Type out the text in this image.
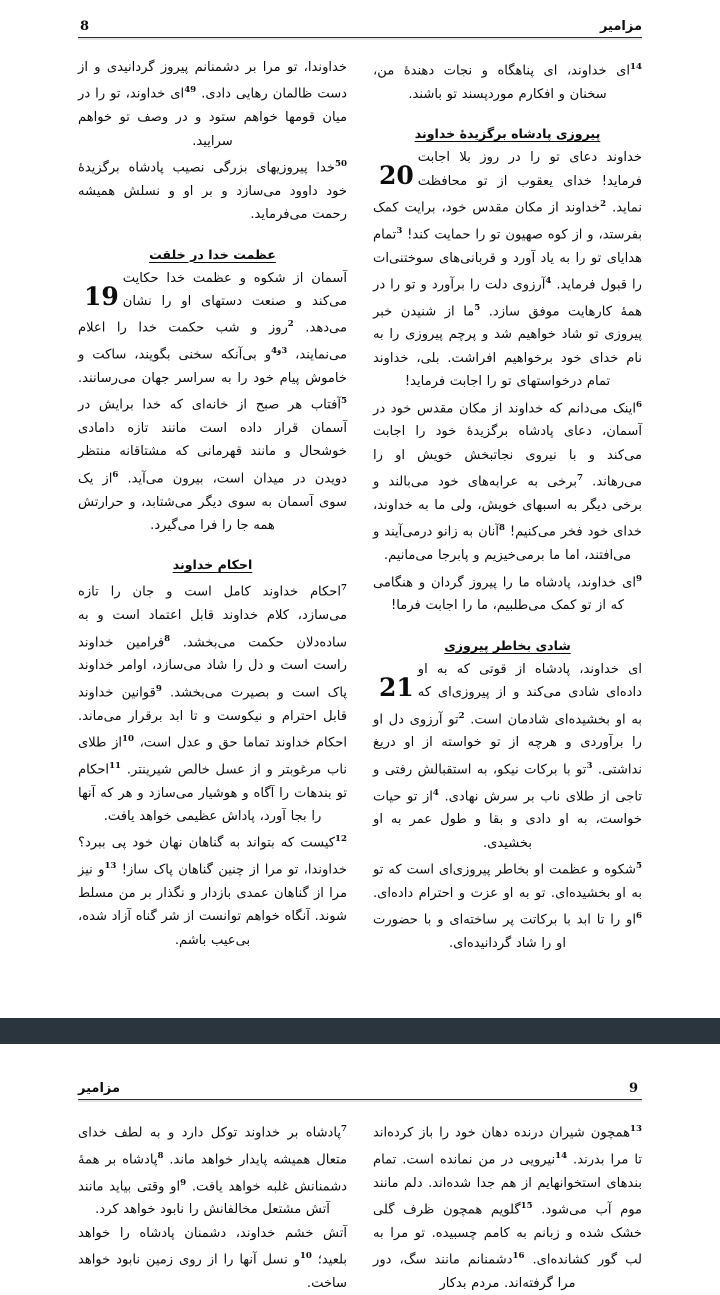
مزامیر
8

خداوندا، تو مرا بر دشمنانم پیروز گردانیدی و از دست ظالمان رهایی دادی. $^{49}$ای خداوند، تو را در میان قومها خواهم ستود و در وصف تو خواهم سرایید.

$^{50}$خدا پیروزیهای بزرگی نصیب پادشاه برگزیدهٔ خود داوود می‌سازد و بر او و نسلش همیشه رحمت می‌فرماید.

عظمت خدا در خلقت
19

آسمان از شکوه و عظمت خدا حکایت می‌کند و صنعت دستهای او را نشان می‌دهد. $^2$روز و شب حکمت خدا را اعلام می‌نمایند، $^{3و4}$و بی‌آنکه سخنی بگویند، ساکت و خاموش پیام خود را به سراسر جهان می‌رسانند. $^5$آفتاب هر صبح از خانه‌ای که خدا برایش در آسمان قرار داده است مانند تازه دامادی خوشحال و مانند قهرمانی که مشتاقانه منتظر دویدن در میدان است، بیرون می‌آید. $^6$از یک سوی آسمان به سوی دیگر می‌شتابد، و حرارتش همه جا را فرا می‌گیرد.

احکام خداوند

$^7$احکام خداوند کامل است و جان را تازه می‌سازد، کلام خداوند قابل اعتماد است و به ساده‌دلان حکمت می‌بخشد. $^8$فرامین خداوند راست است و دل را شاد می‌سازد، اوامر خداوند پاک است و بصیرت می‌بخشد. $^9$قوانین خداوند قابل احترام و نیکوست و تا ابد برقرار می‌ماند. احکام خداوند تماما حق و عدل است، $^{10}$از طلای ناب مرغوبتر و از عسل خالص شیرینتر. $^{11}$احکام تو بندهات را آگاه و هوشیار می‌سازد و هر که آنها را بجا آورد، پاداش عظیمی خواهد یافت.

$^{12}$کیست که بتواند به گناهان نهان خود پی ببرد؟ خداوندا، تو مرا از چنین گناهان پاک ساز! $^{13}$و نیز مرا از گناهان عمدی بازدار و نگذار بر من مسلط شوند. آنگاه خواهم توانست از شر گناه آزاد شده، بی‌عیب باشم.

$^{14}$ای خداوند، ای پناهگاه و نجات دهندهٔ من، سخنان و افکارم موردپسند تو باشند.

پیروزی پادشاه برگزیدهٔ خداوند
20

خداوند دعای تو را در روز بلا اجابت فرماید! خدای یعقوب از تو محافظت نماید. $^2$خداوند از مکان مقدس خود، برایت کمک بفرستد، و از کوه صهیون تو را حمایت کند! $^3$تمام هدایای تو را به یاد آورد و قربانی‌های سوختنی‌ات را قبول فرماید. $^4$آرزوی دلت را برآورد و تو را در همهٔ کارهایت موفق سازد. $^5$ما از شنیدن خبر پیروزی تو شاد خواهیم شد و پرچم پیروزی را به نام خدای خود برخواهیم افراشت. بلی، خداوند تمام درخواستهای تو را اجابت فرماید!

$^6$اینک می‌دانم که خداوند از مکان مقدس خود در آسمان، دعای پادشاه برگزیدهٔ خود را اجابت می‌کند و با نیروی نجاتبخش خویش او را می‌رهاند. $^7$برخی به عرابه‌های خود می‌بالند و برخی دیگر به اسبهای خویش، ولی ما به خداوند، خدای خود فخر می‌کنیم! $^8$آنان به زانو درمی‌آیند و می‌افتند، اما ما برمی‌خیزیم و پابرجا می‌مانیم.

$^9$ای خداوند، پادشاه ما را پیروز گردان و هنگامی که از تو کمک می‌طلبیم، ما را اجابت فرما!

شادی بخاطر پیروزی
21

ای خداوند، پادشاه از قوتی که به او داده‌ای شادی می‌کند و از پیروزی‌ای که به او بخشیده‌ای شادمان است. $^2$تو آرزوی دل او را برآوردی و هرچه از تو خواسته از او دریغ نداشتی. $^3$تو با برکات نیکو، به استقبالش رفتی و تاجی از طلای ناب بر سرش نهادی. $^4$از تو حیات خواست، به او دادی و بقا و طول عمر به او بخشیدی.

$^5$شکوه و عظمت او بخاطر پیروزی‌ای است که تو به او بخشیده‌ای. تو به او عزت و احترام داده‌ای. $^6$او را تا ابد با برکاتت پر ساخته‌ای و با حضورت او را شاد گردانیده‌ای.

مزامیر	9

$^7$پادشاه بر خداوند توکل دارد و به لطف خدای متعال همیشه پایدار خواهد ماند. $^8$پادشاه بر همهٔ دشمنانش غلبه خواهد یافت. $^9$او وقتی بیاید مانند آتش مشتعل مخالفانش را نابود خواهد کرد.

آتش خشم خداوند، دشمنان پادشاه را خواهد بلعید؛ $^{10}$و نسل آنها را از روی زمین نابود خواهد ساخت.

$^{13}$همچون شیران درنده دهان خود را باز کرده‌اند تا مرا بدرند. $^{14}$نیرویی در من نمانده است. تمام بندهای استخوانهایم از هم جدا شده‌اند. دلم مانند موم آب می‌شود. $^{15}$گلویم همچون ظرف گلی خشک شده و زبانم به کامم چسبیده. تو مرا به لب گور کشانده‌ای. $^{16}$دشمنانم مانند سگ، دور مرا گرفته‌اند. مردم بدکار
